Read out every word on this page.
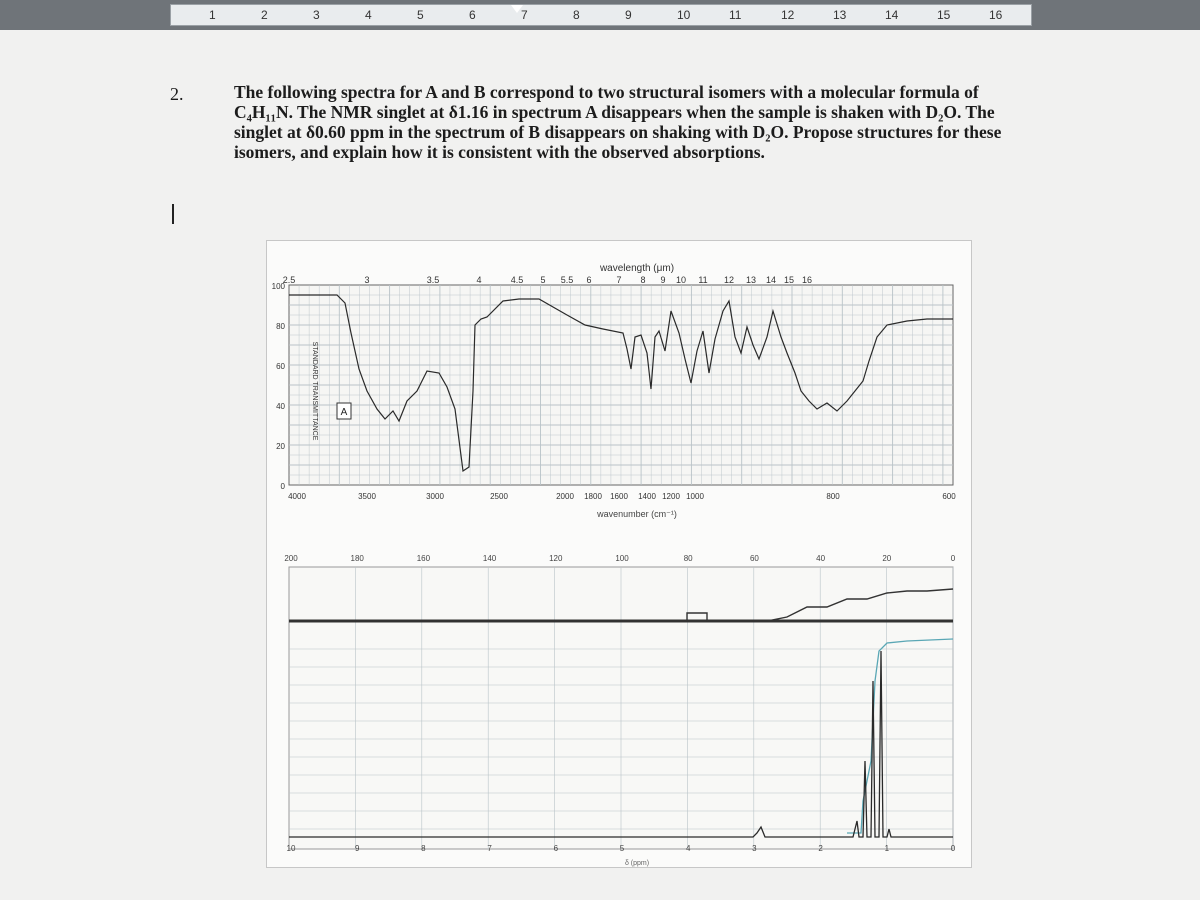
1	2	3	4	5	6	7	8	9	10	11	12	13	14	15	16
2.	The following spectra for A and B correspond to two structural isomers with a molecular formula of C₄H₁₁N. The NMR singlet at δ1.16 in spectrum A disappears when the sample is shaken with D₂O. The singlet at δ0.60 ppm in the spectrum of B disappears on shaking with D₂O. Propose structures for these isomers, and explain how it is consistent with the observed absorptions.
wavelength (μm)
2.5	3	3.5	4	4.5 5 5.5 6	7 8 9 10 11 12 13 14 15 16
100
80
60
40
20
0
STANDARD TRANSMITTANCE A
4000	3500	3000	2500	2000 1800 1600 1400 1200 1000	800	600
wavenumber (cm⁻¹)
200	180	160	140	120	100	80	60	40	20	0
10	9	8	7	6	5	4	3	2	1	0
δ (ppm)
